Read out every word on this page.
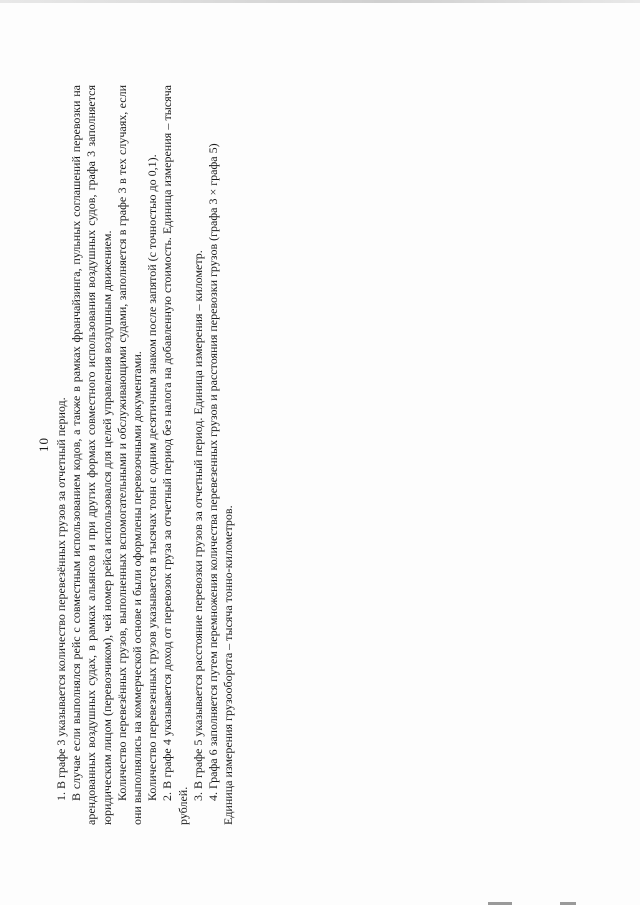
10 1. В графе 3 указывается количество перевезённых грузов за отчетный период. В случае если выполнялся рейс с совместным использованием кодов, а также в рамках франчайзинга, пульных соглашений перевозки на арендованных воздушных судах, в рамках альянсов и при других формах совместного использования воздушных судов, графа 3 заполняется юридическим лицом (перевозчиком), чей номер рейса использовался для целей управления воздушным движением. Количество перевезённых грузов, выполненных вспомогательными и обслуживающими судами, заполняется в графе 3 в тех случаях, если они выполнялись на коммерческой основе и были оформлены перевозочными документами. Количество перевезенных грузов указывается в тысячах тонн с одним десятичным знаком после запятой (с точностью до 0,1). 2. В графе 4 указывается доход от перевозок груза за отчетный период без налога на добавленную стоимость. Единица измерения – тысяча рублей.

3. В графе 5 указывается расстояние перевозки грузов за отчетный период. Единица измерения – километр. 4. Графа 6 заполняется путем перемножения количества перевезенных грузов и расстояния перевозки грузов (графа 3 × графа 5) Единица измерения грузооборота – тысяча тонно-километров.
